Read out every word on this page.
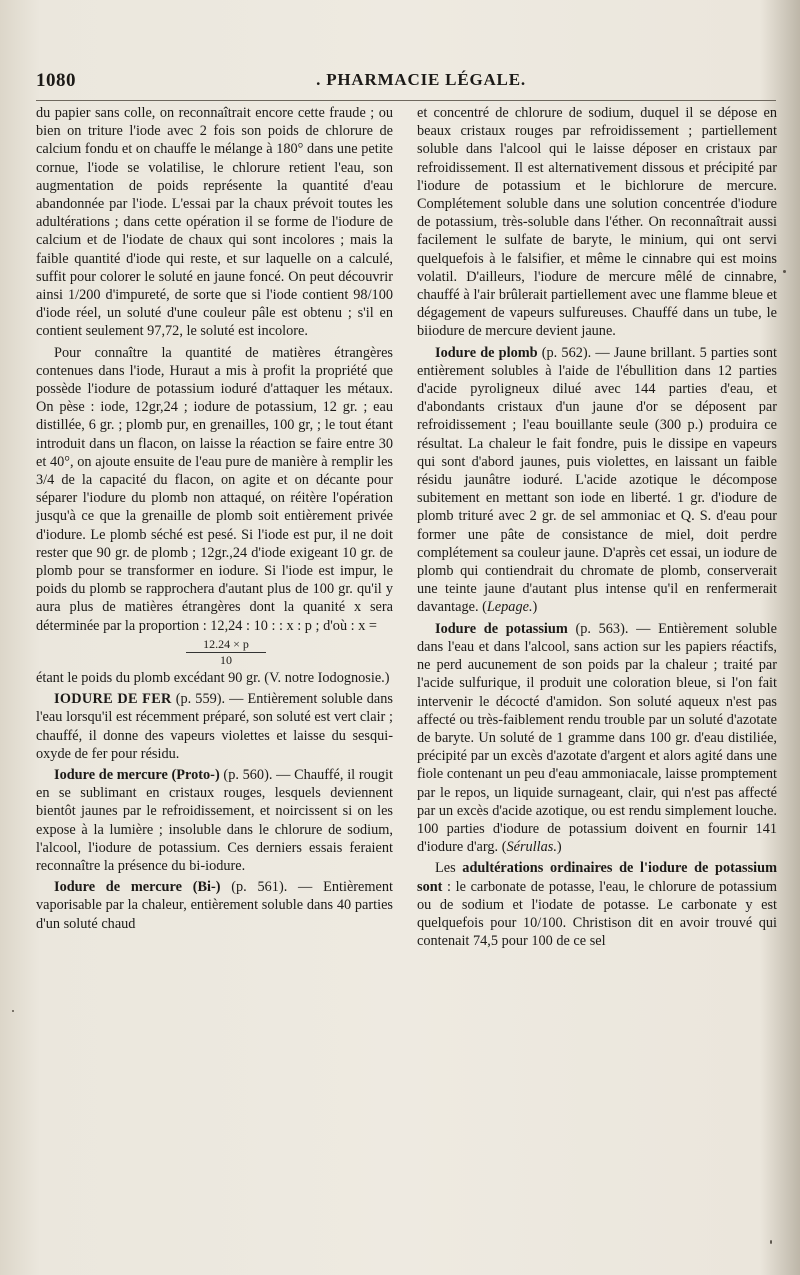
1080	. PHARMACIE LÉGALE.

du papier sans colle, on reconnaîtrait encore cette fraude ; ou bien on triture l'iode avec 2 fois son poids de chlorure de calcium fondu et on chauffe le mélange à 180° dans une petite cornue, l'iode se volatilise, le chlorure retient l'eau, son augmentation de poids représente la quantité d'eau abandonnée par l'iode. L'essai par la chaux prévoit toutes les adultérations ; dans cette opération il se forme de l'iodure de calcium et de l'iodate de chaux qui sont incolores ; mais la faible quantité d'iode qui reste, et sur laquelle on a calculé, suffit pour colorer le soluté en jaune foncé. On peut découvrir ainsi 1/200 d'impureté, de sorte que si l'iode contient 98/100 d'iode réel, un soluté d'une couleur pâle est obtenu ; s'il en contient seulement 97,72, le soluté est incolore.

Pour connaître la quantité de matières étrangères contenues dans l'iode, Huraut a mis à profit la propriété que possède l'iodure de potassium ioduré d'attaquer les métaux. On pèse : iode, 12gr,24 ; iodure de potassium, 12 gr. ; eau distillée, 6 gr. ; plomb pur, en grenailles, 100 gr, ; le tout étant introduit dans un flacon, on laisse la réaction se faire entre 30 et 40°, on ajoute ensuite de l'eau pure de manière à remplir les 3/4 de la capacité du flacon, on agite et on décante pour séparer l'iodure du plomb non attaqué, on réitère l'opération jusqu'à ce que la grenaille de plomb soit entièrement privée d'iodure. Le plomb séché est pesé. Si l'iode est pur, il ne doit rester que 90 gr. de plomb ; 12gr.,24 d'iode exigeant 10 gr. de plomb pour se transformer en iodure. Si l'iode est impur, le poids du plomb se rapprochera d'autant plus de 100 gr. qu'il y aura plus de matières étrangères dont la quanité x sera déterminée par la proportion : 12,24 : 10 : : x : p ; d'où : x =

12.24 × p
10

étant le poids du plomb excédant 90 gr. (V. notre Iodognosie.)

IODURE DE FER (p. 559). — Entièrement soluble dans l'eau lorsqu'il est récemment préparé, son soluté est vert clair ; chauffé, il donne des vapeurs violettes et laisse du sesqui-oxyde de fer pour résidu.

Iodure de mercure (Proto-) (p. 560). — Chauffé, il rougit en se sublimant en cristaux rouges, lesquels deviennent bientôt jaunes par le refroidissement, et noircissent si on les expose à la lumière ; insoluble dans le chlorure de sodium, l'alcool, l'iodure de potassium. Ces derniers essais feraient reconnaître la présence du bi-iodure.

Iodure de mercure (Bi-) (p. 561). — Entièrement vaporisable par la chaleur, entièrement soluble dans 40 parties d'un soluté chaud

et concentré de chlorure de sodium, duquel il se dépose en beaux cristaux rouges par refroidissement ; partiellement soluble dans l'alcool qui le laisse déposer en cristaux par refroidissement. Il est alternativement dissous et précipité par l'iodure de potassium et le bichlorure de mercure. Complétement soluble dans une solution concentrée d'iodure de potassium, très-soluble dans l'éther. On reconnaîtrait aussi facilement le sulfate de baryte, le minium, qui ont servi quelquefois à le falsifier, et même le cinnabre qui est moins volatil. D'ailleurs, l'iodure de mercure mêlé de cinnabre, chauffé à l'air brûlerait partiellement avec une flamme bleue et dégagement de vapeurs sulfureuses. Chauffé dans un tube, le biiodure de mercure devient jaune.

Iodure de plomb (p. 562). — Jaune brillant. 5 parties sont entièrement solubles à l'aide de l'ébullition dans 12 parties d'acide pyroligneux dilué avec 144 parties d'eau, et d'abondants cristaux d'un jaune d'or se déposent par refroidissement ; l'eau bouillante seule (300 p.) produira ce résultat. La chaleur le fait fondre, puis le dissipe en vapeurs qui sont d'abord jaunes, puis violettes, en laissant un faible résidu jaunâtre ioduré. L'acide azotique le décompose subitement en mettant son iode en liberté. 1 gr. d'iodure de plomb trituré avec 2 gr. de sel ammoniac et Q. S. d'eau pour former une pâte de consistance de miel, doit perdre complétement sa couleur jaune. D'après cet essai, un iodure de plomb qui contiendrait du chromate de plomb, conserverait une teinte jaune d'autant plus intense qu'il en renfermerait davantage. (Lepage.)

Iodure de potassium (p. 563). — Entièrement soluble dans l'eau et dans l'alcool, sans action sur les papiers réactifs, ne perd aucunement de son poids par la chaleur ; traité par l'acide sulfurique, il produit une coloration bleue, si l'on fait intervenir le décocté d'amidon. Son soluté aqueux n'est pas affecté ou très-faiblement rendu trouble par un soluté d'azotate de baryte. Un soluté de 1 gramme dans 100 gr. d'eau distiliée, précipité par un excès d'azotate d'argent et alors agité dans une fiole contenant un peu d'eau ammoniacale, laisse promptement par le repos, un liquide surnageant, clair, qui n'est pas affecté par un excès d'acide azotique, ou est rendu simplement louche. 100 parties d'iodure de potassium doivent en fournir 141 d'iodure d'arg. (Sérullas.)

Les adultérations ordinaires de l'iodure de potassium sont : le carbonate de potasse, l'eau, le chlorure de potassium ou de sodium et l'iodate de potasse. Le carbonate y est quelquefois pour 10/100. Christison dit en avoir trouvé qui contenait 74,5 pour 100 de ce sel
